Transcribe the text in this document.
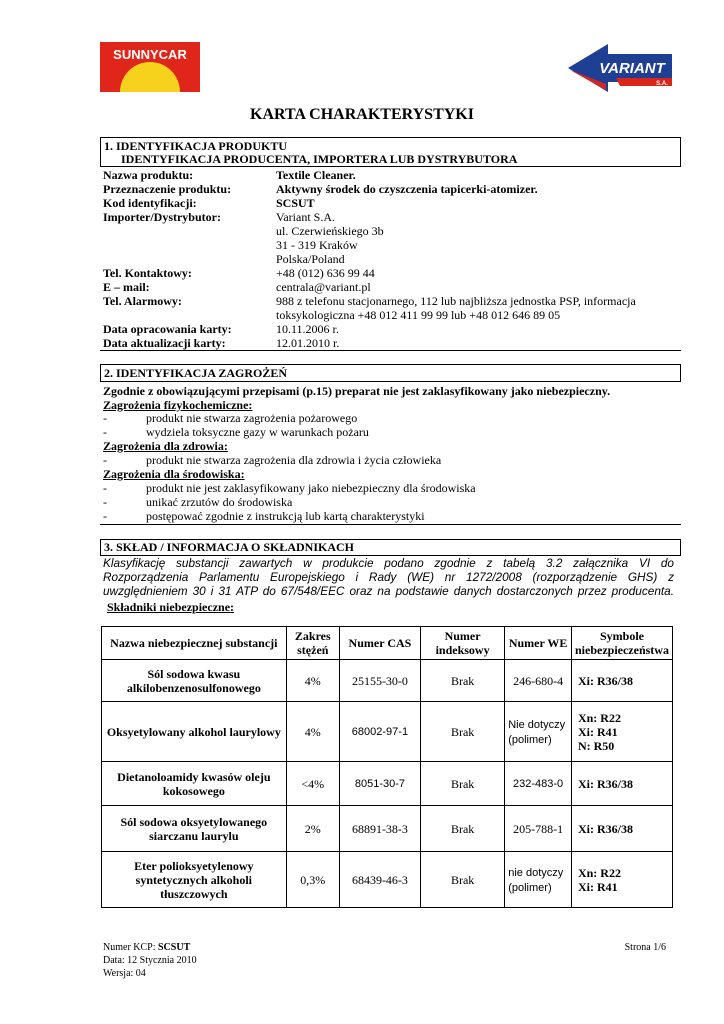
SUNNYCAR
VARIANT
S.A.
KARTA CHARAKTERYSTYKI
1. IDENTYFIKACJA PRODUKTU
IDENTYFIKACJA PRODUCENTA, IMPORTERA LUB DYSTRYBUTORA
Nazwa produktu:	Textile Cleaner.
Przeznaczenie produktu:	Aktywny środek do czyszczenia tapicerki-atomizer.
Kod identyfikacji:	SCSUT
Importer/Dystrybutor:	Variant S.A.
ul. Czerwieńskiego 3b
31 - 319 Kraków
Polska/Poland
Tel. Kontaktowy:	+48 (012) 636 99 44
E – mail:	centrala@variant.pl
Tel. Alarmowy:	988 z telefonu stacjonarnego, 112 lub najbliższa jednostka PSP, informacja
toksykologiczna +48 012 411 99 99 lub +48 012 646 89 05
Data opracowania karty:	10.11.2006 r.
Data aktualizacji karty:	12.01.2010 r.
2. IDENTYFIKACJA ZAGROŻEŃ
Zgodnie z obowiązującymi przepisami (p.15) preparat nie jest zaklasyfikowany jako niebezpieczny.
Zagrożenia fizykochemiczne:
-	produkt nie stwarza zagrożenia pożarowego
-	wydziela toksyczne gazy w warunkach pożaru
Zagrożenia dla zdrowia:
-	produkt nie stwarza zagrożenia dla zdrowia i życia człowieka
Zagrożenia dla środowiska:
-	produkt nie jest zaklasyfikowany jako niebezpieczny dla środowiska
-	unikać zrzutów do środowiska
-	postępować zgodnie z instrukcją lub kartą charakterystyki
3. SKŁAD / INFORMACJA O SKŁADNIKACH
Klasyfikację substancji zawartych w produkcie podano zgodnie z tabelą 3.2 załącznika VI do
Rozporządzenia Parlamentu Europejskiego i Rady (WE) nr 1272/2008 (rozporządzenie GHS) z
uwzględnieniem 30 i 31 ATP do 67/548/EEC oraz na podstawie danych dostarczonych przez producenta.
Składniki niebezpieczne:
Nazwa niebezpiecznej substancji	Zakres stężeń	Numer CAS	Numer indeksowy	Numer WE	Symbole niebezpieczeństwa
Sól sodowa kwasu alkilobenzenosulfonowego	4%	25155-30-0	Brak	246-680-4	Xi: R36/38

Oksyetylowany alkohol laurylowy	4%	68002-97-1	Brak	Nie dotyczy (polimer)	Xn: R22
Xi: R41
N: R50

Dietanoloamidy kwasów oleju kokosowego	<4%	8051-30-7	Brak	232-483-0	Xi: R36/38

Sól sodowa oksyetylowanego siarczanu laurylu	2%	68891-38-3	Brak	205-788-1	Xi: R36/38

Eter polioksyetylenowy syntetycznych alkoholi tłuszczowych	0,3%	68439-46-3	Brak	nie dotyczy (polimer)	Xn: R22
Xi: R41
Numer KCP: SCSUT
Data: 12 Stycznia 2010
Wersja: 04
Strona 1/6
